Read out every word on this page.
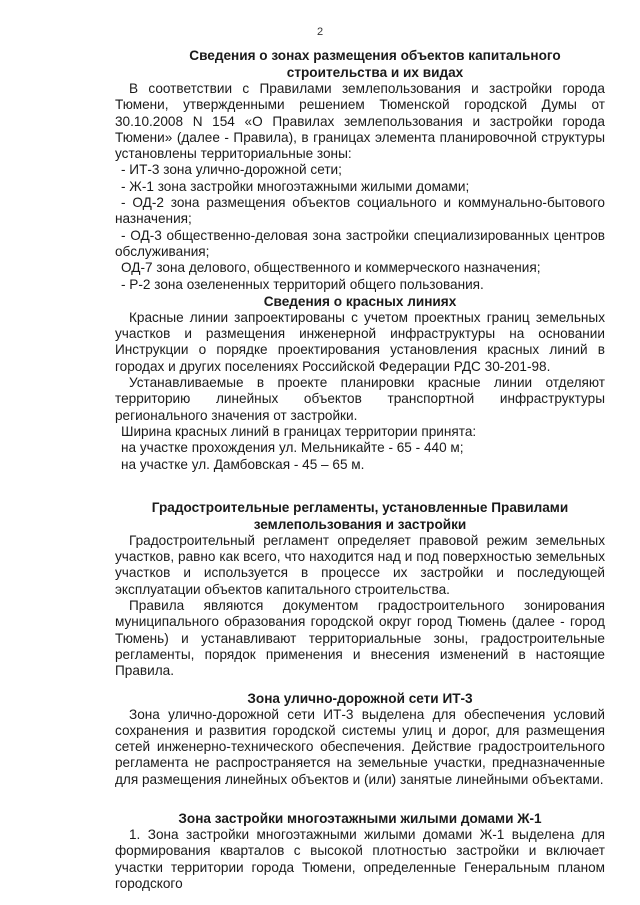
2

Сведения о зонах размещения объектов капитального строительства и их видах

В соответствии с Правилами землепользования и застройки города Тюмени, утвержденными решением Тюменской городской Думы от 30.10.2008 N 154 «О Правилах землепользования и застройки города Тюмени» (далее - Правила), в границах элемента планировочной структуры установлены территориальные зоны:

- ИТ-3 зона улично-дорожной сети;
- Ж-1 зона застройки многоэтажными жилыми домами;

- ОД-2 зона размещения объектов социального и коммунально-бытового назначения;

- ОД-3 общественно-деловая зона застройки специализированных центров обслуживания;

ОД-7 зона делового, общественного и коммерческого назначения;
- Р-2 зона озелененных территорий общего пользования.

Сведения о красных линиях

Красные линии запроектированы с учетом проектных границ земельных участков и размещения инженерной инфраструктуры на основании Инструкции о порядке проектирования установления красных линий в городах и других поселениях Российской Федерации РДС 30-201-98.

Устанавливаемые в проекте планировки красные линии отделяют территорию линейных объектов транспортной инфраструктуры регионального значения от застройки.

Ширина красных линий в границах территории принята:
на участке прохождения ул. Мельникайте - 65 - 440 м;
на участке ул. Дамбовская - 45 – 65 м.

Градостроительные регламенты, установленные Правилами землепользования и застройки

Градостроительный регламент определяет правовой режим земельных участков, равно как всего, что находится над и под поверхностью земельных участков и используется в процессе их застройки и последующей эксплуатации объектов капитального строительства.

Правила являются документом градостроительного зонирования муниципального образования городской округ город Тюмень (далее - город Тюмень) и устанавливают территориальные зоны, градостроительные регламенты, порядок применения и внесения изменений в настоящие Правила.

Зона улично-дорожной сети ИТ-3

Зона улично-дорожной сети ИТ-3 выделена для обеспечения условий сохранения и развития городской системы улиц и дорог, для размещения сетей инженерно-технического обеспечения. Действие градостроительного регламента не распространяется на земельные участки, предназначенные для размещения линейных объектов и (или) занятые линейными объектами.

Зона застройки многоэтажными жилыми домами Ж-1

1. Зона застройки многоэтажными жилыми домами Ж-1 выделена для формирования кварталов с высокой плотностью застройки и включает участки территории города Тюмени, определенные Генеральным планом городского
